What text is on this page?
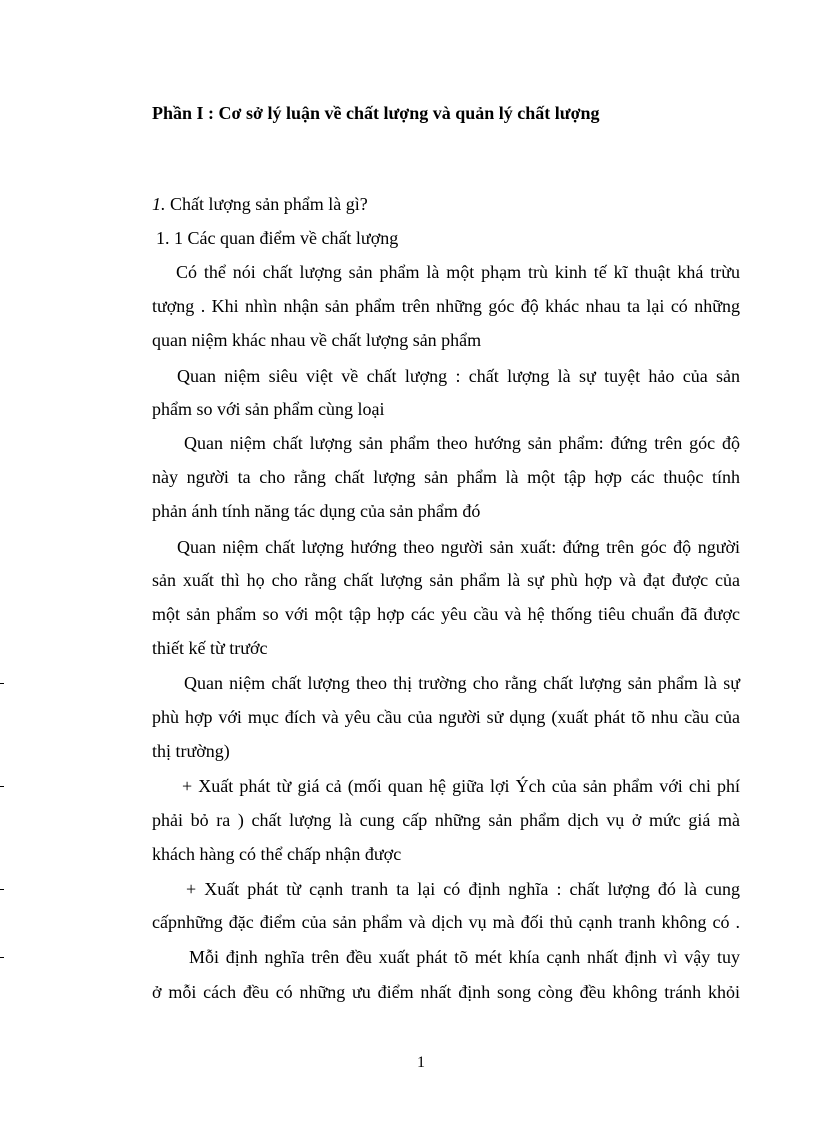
Phần I : Cơ sở lý luận về chất lượng và quản lý chất lượng
1. Chất lượng sản phẩm là gì?
1. 1 Các quan điểm về chất lượng
Có thể nói chất lượng sản phẩm là một phạm trù kinh tế kĩ thuật khá trừu
tượng . Khi nhìn nhận sản phẩm trên những góc độ khác nhau ta lại có những
quan niệm khác nhau về chất lượng sản phẩm
Quan niệm siêu việt về chất lượng : chất lượng là sự tuyệt hảo của sản
phẩm so với sản phẩm cùng loại
Quan niệm chất lượng sản phẩm theo hướng sản phẩm: đứng trên góc độ
này người ta cho rằng chất lượng sản phẩm là một tập hợp các thuộc tính
phản ánh tính năng tác dụng của sản phẩm đó
Quan niệm chất lượng hướng theo người sản xuất: đứng trên góc độ người
sản xuất thì họ cho rằng chất lượng sản phẩm là sự phù hợp và đạt được của
một sản phẩm so với một tập hợp các yêu cầu và hệ thống tiêu chuẩn đã được
thiết kế từ trước
Quan niệm chất lượng theo thị trường cho rằng chất lượng sản phẩm là sự
phù hợp với mục đích và yêu cầu của người sử dụng (xuất phát tõ nhu cầu của
thị trường)
+ Xuất phát từ giá cả (mối quan hệ giữa lợi Ých của sản phẩm với chi phí
phải bỏ ra ) chất lượng là cung cấp những sản phẩm dịch vụ ở mức giá mà
khách hàng có thể chấp nhận được
+ Xuất phát từ cạnh tranh ta lại có định nghĩa : chất lượng đó là cung
cấpnhững đặc điểm của sản phẩm và dịch vụ mà đối thủ cạnh tranh không có .
Mỗi định nghĩa trên đều xuất phát tõ mét khía cạnh nhất định vì vậy tuy
ở mỗi cách đều có những ưu điểm nhất định song còng đều không tránh khỏi
1
